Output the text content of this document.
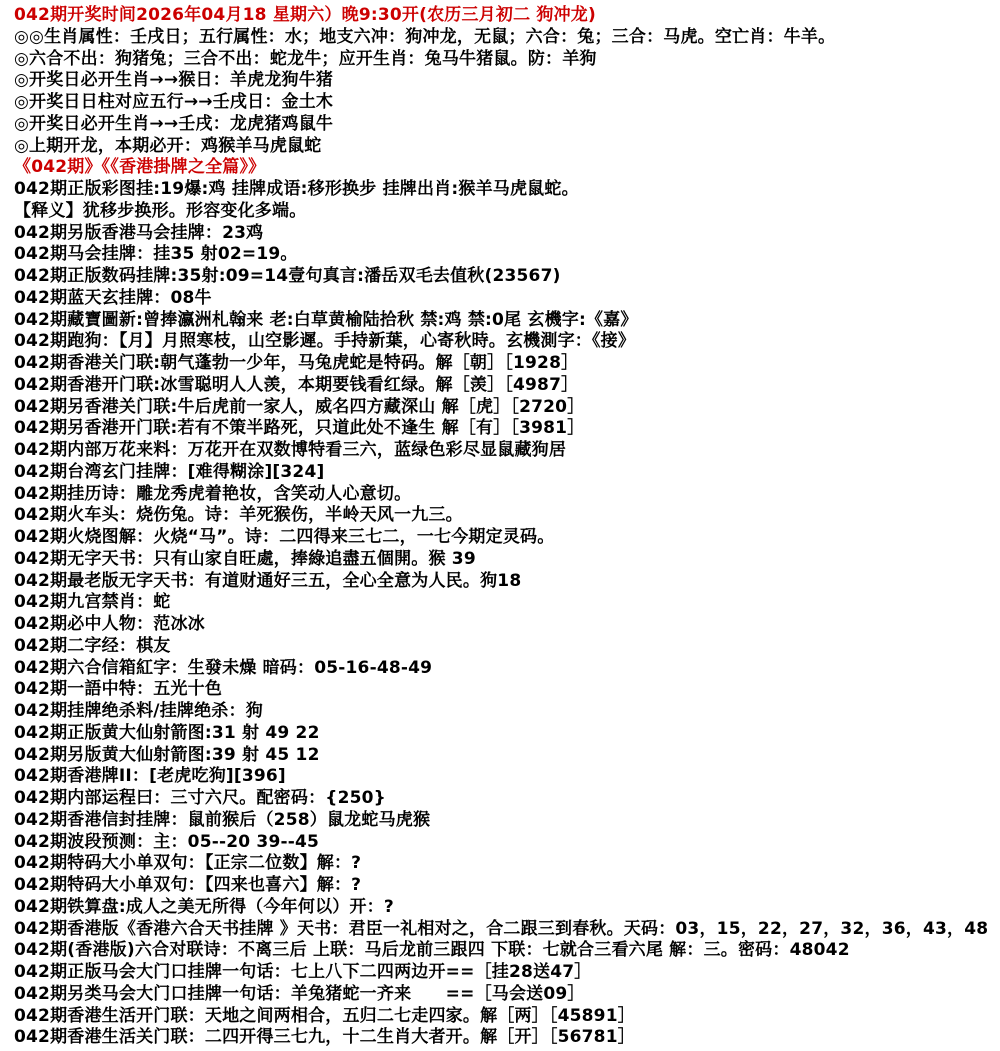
042期开奖时间2026年04月18 星期六）晚9:30开(农历三月初二 狗冲龙)
◎◎生肖属性：壬戌日；五行属性：水；地支六冲：狗冲龙，无鼠；六合：兔；三合：马虎。空亡肖：牛羊。
◎六合不出：狗猪兔；三合不出：蛇龙牛；应开生肖：兔马牛猪鼠。防：羊狗
◎开奖日必开生肖→→猴日：羊虎龙狗牛猪
◎开奖日日柱对应五行→→壬戌日：金土木
◎开奖日必开生肖→→壬戌：龙虎猪鸡鼠牛
◎上期开龙，本期必开：鸡猴羊马虎鼠蛇
《042期》《《香港掛牌之全篇》》
042期正版彩图挂:19爆:鸡 挂牌成语:移形换步 挂牌出肖:猴羊马虎鼠蛇。
【释义】犹移步换形。形容变化多端。
042期另版香港马会挂牌：23鸡
042期马会挂牌：挂35 射02=19。
042期正版数码挂牌:35射:09=14壹句真言:潘岳双毛去值秋(23567)
042期蓝天玄挂牌：08牛
042期藏寶圖新:曾捧瀛洲札翰来 老:白草黄榆陆拾秋 禁:鸡 禁:0尾 玄機字:《嘉》
042期跑狗：【月】月照寒枝，山空影遲。手持新葉，心寄秋時。玄機測字：《接》
042期香港关门联:朝气蓬勃一少年，马兔虎蛇是特码。解［朝］［1928］
042期香港开门联:冰雪聪明人人羡，本期要钱看红绿。解［羡］［4987］
042期另香港关门联:牛后虎前一家人，威名四方藏深山 解［虎］［2720］
042期另香港开门联:若有不策半路死，只道此处不逢生 解［有］［3981］
042期内部万花来料：万花开在双数博特看三六，蓝绿色彩尽显鼠藏狗居
042期台湾玄门挂牌：[难得糊涂][324]
042期挂历诗：雕龙秀虎着艳妆，含笑动人心意切。
042期火车头：烧伤兔。诗：羊死猴伤，半岭天风一九三。
042期火烧图解：火烧“马”。诗：二四得来三七二，一七今期定灵码。
042期无字天书：只有山家自旺處，捧綠追盡五個開。猴 39
042期最老版无字天书：有道财通好三五，全心全意为人民。狗18
042期九宫禁肖：蛇
042期必中人物：范冰冰
042期二字经：棋友
042期六合信箱紅字：生發未燥 暗码：05-16-48-49
042期一語中特：五光十色
042期挂牌绝杀料/挂牌绝杀：狗
042期正版黄大仙射箭图:31 射 49 22
042期另版黄大仙射箭图:39 射 45 12
042期香港牌II：[老虎吃狗][396]
042期内部运程曰：三寸六尺。配密码：{250}
042期香港信封挂牌：鼠前猴后（258）鼠龙蛇马虎猴
042期波段预测：主：05--20 39--45
042期特码大小单双句：【正宗二位数】解：?
042期特码大小单双句：【四来也喜六】解：?
042期铁算盘:成人之美无所得（今年何以）开：?
042期香港版《香港六合天书挂牌 》天书：君臣一礼相对之，合二跟三到春秋。天码：03，15，22，27，32，36，43，48
042期(香港版)六合对联诗：不离三后 上联：马后龙前三跟四 下联：七就合三看六尾 解：三。密码：48042
042期正版马会大门口挂牌一句话：七上八下二四两边开==［挂28送47］
042期另类马会大门口挂牌一句话：羊兔猪蛇一齐来　　==［马会送09］
042期香港生活开门联：天地之间两相合，五归二七走四家。解［两］［45891］
042期香港生活关门联：二四开得三七九，十二生肖大者开。解［开］［56781］
